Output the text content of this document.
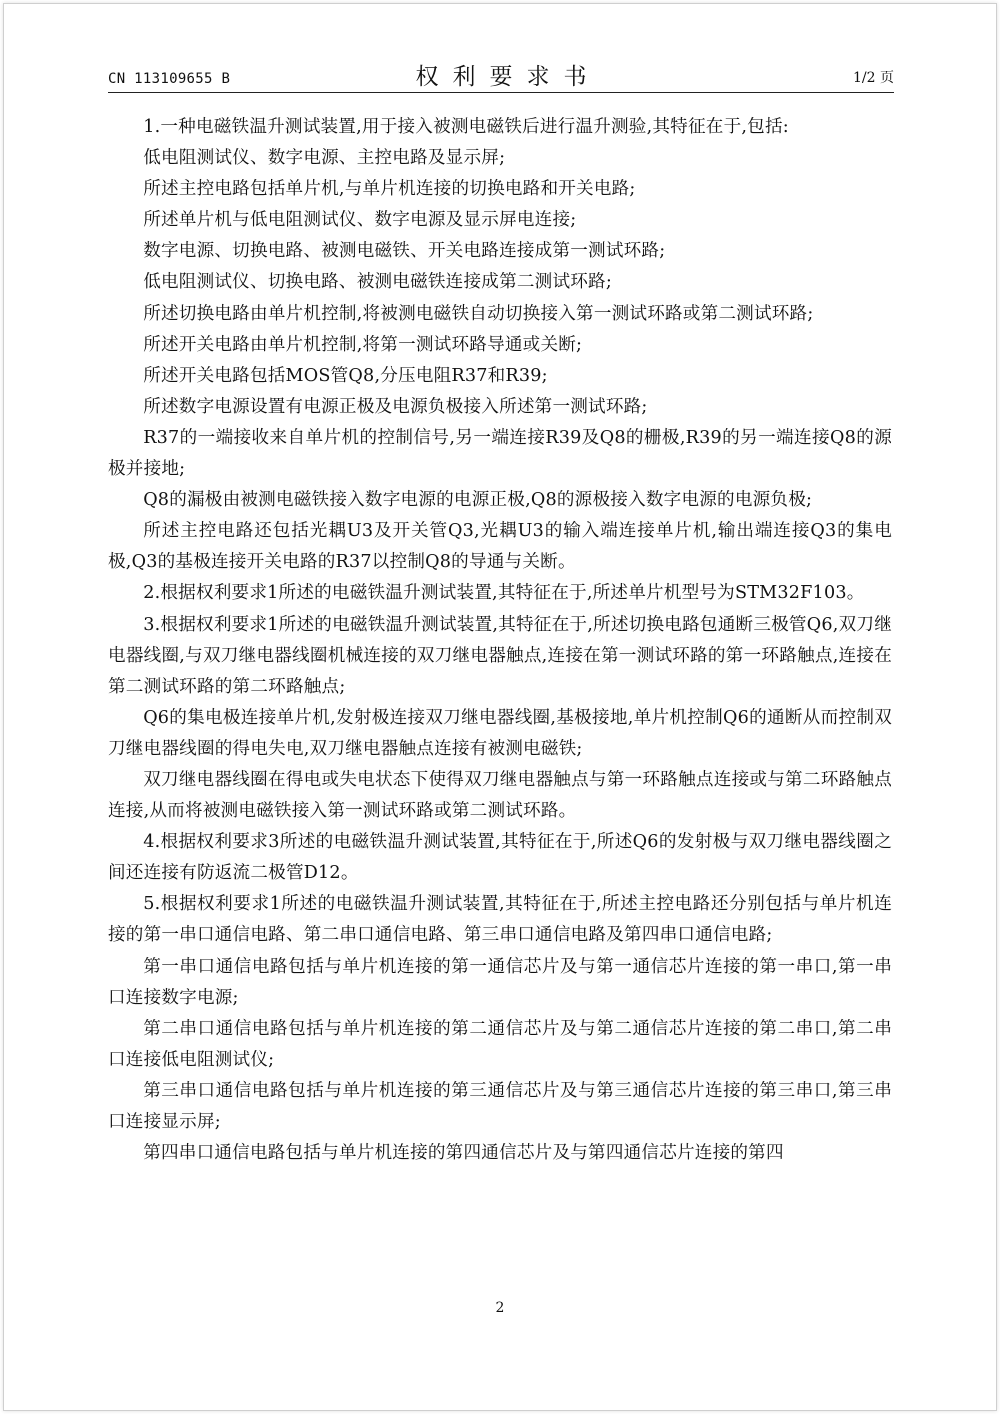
CN 113109655 B	权利要求书	1/2 页

1.一种电磁铁温升测试装置,用于接入被测电磁铁后进行温升测验,其特征在于,包括:

低电阻测试仪、数字电源、主控电路及显示屏;

所述主控电路包括单片机,与单片机连接的切换电路和开关电路;

所述单片机与低电阻测试仪、数字电源及显示屏电连接;

数字电源、切换电路、被测电磁铁、开关电路连接成第一测试环路;

低电阻测试仪、切换电路、被测电磁铁连接成第二测试环路;

所述切换电路由单片机控制,将被测电磁铁自动切换接入第一测试环路或第二测试环路;

所述开关电路由单片机控制,将第一测试环路导通或关断;

所述开关电路包括MOS管Q8,分压电阻R37和R39;

所述数字电源设置有电源正极及电源负极接入所述第一测试环路;

R37的一端接收来自单片机的控制信号,另一端连接R39及Q8的栅极,R39的另一端连接Q8的源极并接地;

Q8的漏极由被测电磁铁接入数字电源的电源正极,Q8的源极接入数字电源的电源负极;

所述主控电路还包括光耦U3及开关管Q3,光耦U3的输入端连接单片机,输出端连接Q3的集电极,Q3的基极连接开关电路的R37以控制Q8的导通与关断。

2.根据权利要求1所述的电磁铁温升测试装置,其特征在于,所述单片机型号为STM32F103。

3.根据权利要求1所述的电磁铁温升测试装置,其特征在于,所述切换电路包通断三极管Q6,双刀继电器线圈,与双刀继电器线圈机械连接的双刀继电器触点,连接在第一测试环路的第一环路触点,连接在第二测试环路的第二环路触点;

Q6的集电极连接单片机,发射极连接双刀继电器线圈,基极接地,单片机控制Q6的通断从而控制双刀继电器线圈的得电失电,双刀继电器触点连接有被测电磁铁;

双刀继电器线圈在得电或失电状态下使得双刀继电器触点与第一环路触点连接或与第二环路触点连接,从而将被测电磁铁接入第一测试环路或第二测试环路。

4.根据权利要求3所述的电磁铁温升测试装置,其特征在于,所述Q6的发射极与双刀继电器线圈之间还连接有防返流二极管D12。

5.根据权利要求1所述的电磁铁温升测试装置,其特征在于,所述主控电路还分别包括与单片机连接的第一串口通信电路、第二串口通信电路、第三串口通信电路及第四串口通信电路;

第一串口通信电路包括与单片机连接的第一通信芯片及与第一通信芯片连接的第一串口,第一串口连接数字电源;

第二串口通信电路包括与单片机连接的第二通信芯片及与第二通信芯片连接的第二串口,第二串口连接低电阻测试仪;

第三串口通信电路包括与单片机连接的第三通信芯片及与第三通信芯片连接的第三串口,第三串口连接显示屏;

第四串口通信电路包括与单片机连接的第四通信芯片及与第四通信芯片连接的第四

2
